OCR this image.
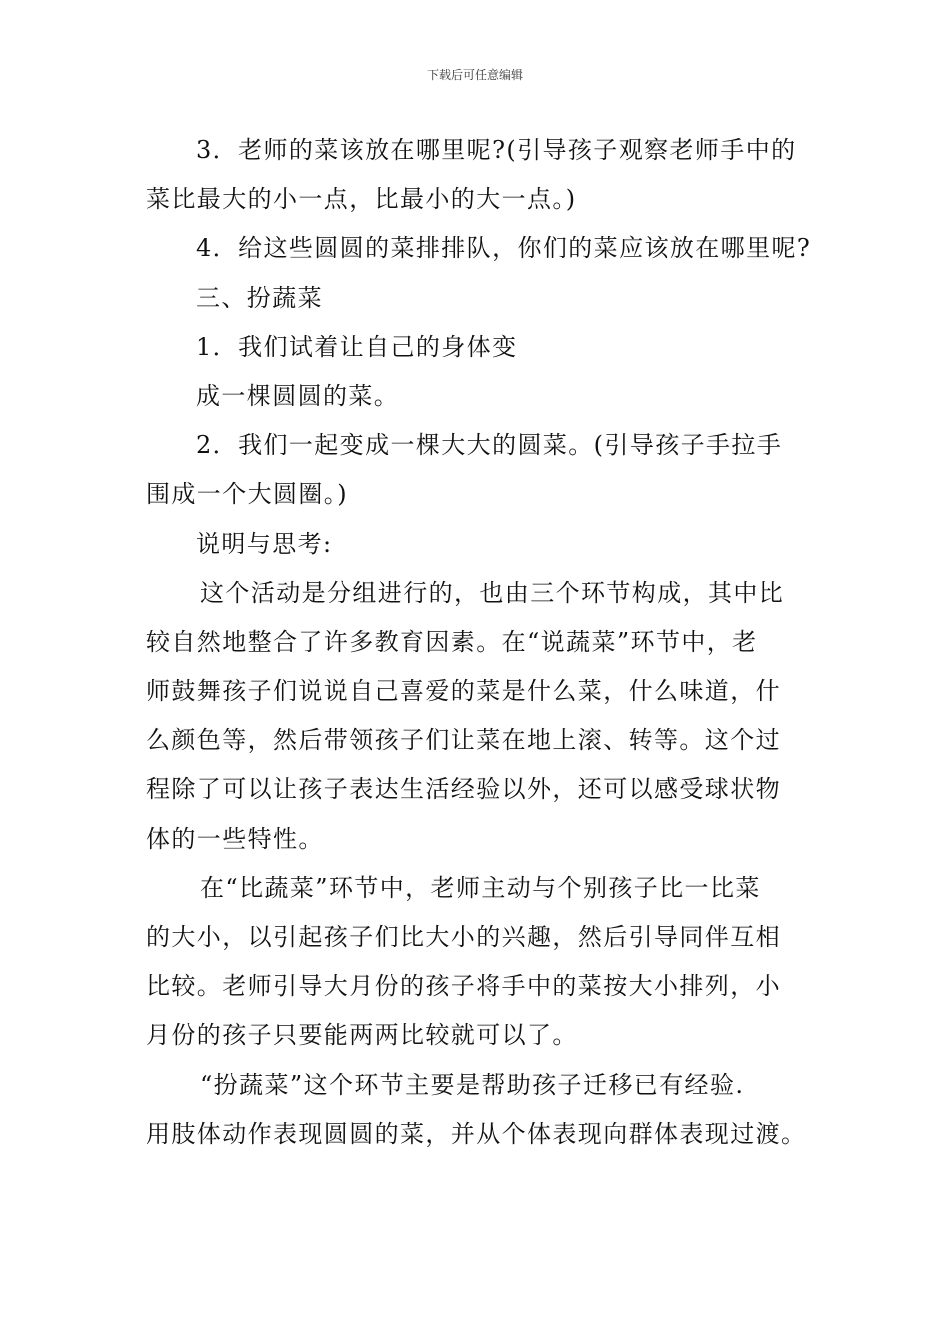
下载后可任意编辑
3．老师的菜该放在哪里呢?(引导孩子观察老师手中的
菜比最大的小一点，比最小的大一点。)
4．给这些圆圆的菜排排队，你们的菜应该放在哪里呢?
三、扮蔬菜
1．我们试着让自己的身体变
成一棵圆圆的菜。
2．我们一起变成一棵大大的圆菜。(引导孩子手拉手
围成一个大圆圈。)
说明与思考:
这个活动是分组进行的，也由三个环节构成，其中比
较自然地整合了许多教育因素。在“说蔬菜”环节中，老
师鼓舞孩子们说说自己喜爱的菜是什么菜，什么味道，什
么颜色等，然后带领孩子们让菜在地上滚、转等。这个过
程除了可以让孩子表达生活经验以外，还可以感受球状物
体的一些特性。
在“比蔬菜”环节中，老师主动与个别孩子比一比菜
的大小，以引起孩子们比大小的兴趣，然后引导同伴互相
比较。老师引导大月份的孩子将手中的菜按大小排列，小
月份的孩子只要能两两比较就可以了。
“扮蔬菜”这个环节主要是帮助孩子迁移已有经验.
用肢体动作表现圆圆的菜，并从个体表现向群体表现过渡。
